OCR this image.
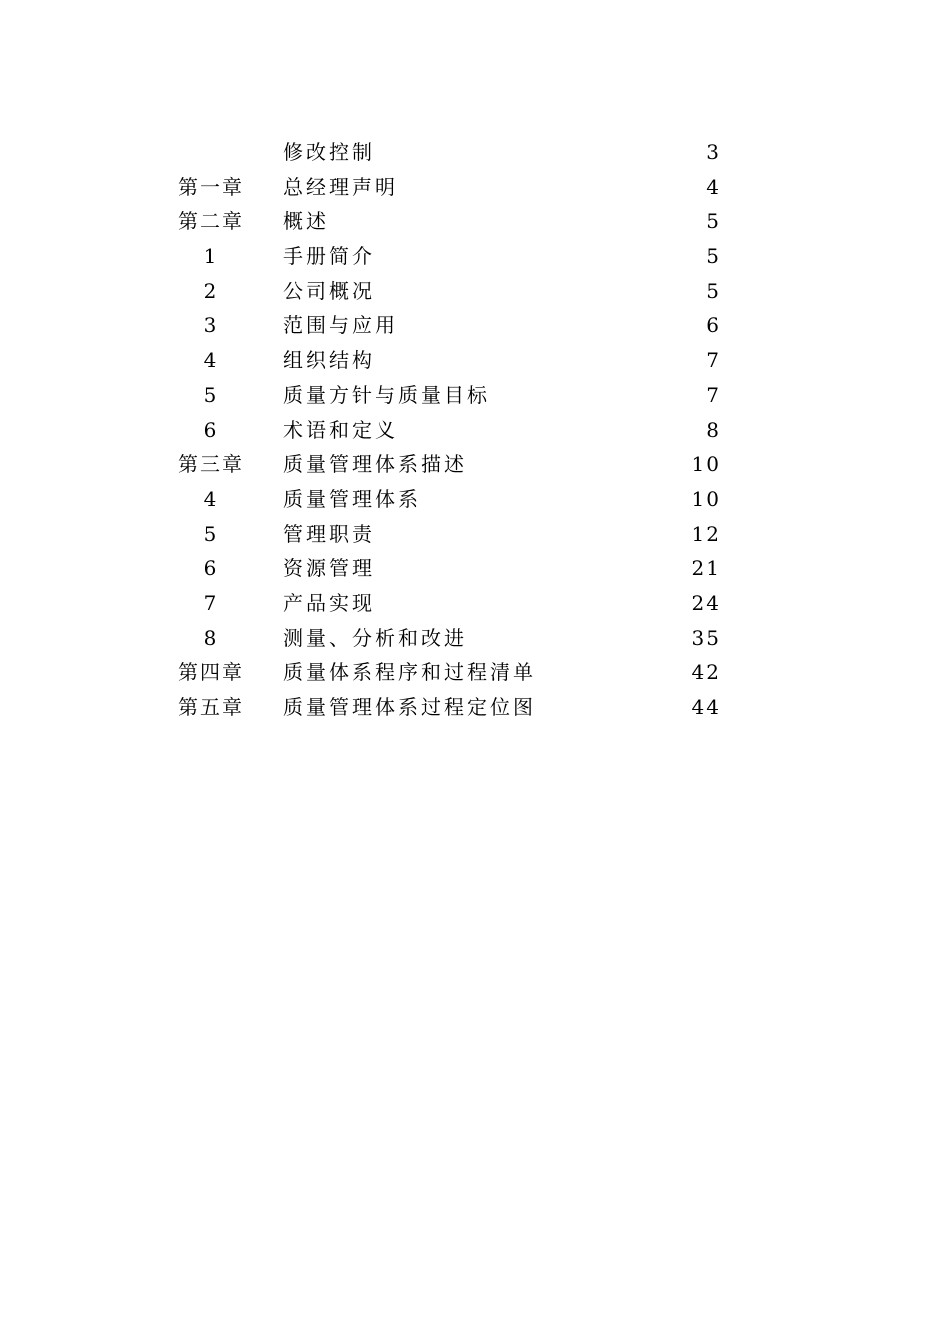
修改控制	3
第一章 总经理声明	4
第二章 概述	5
1	手册简介	5
2	公司概况	5
3	范围与应用	6
4	组织结构	7
5	质量方针与质量目标	7
6	术语和定义	8
第三章 质量管理体系描述	10
4	质量管理体系	10
5	管理职责	12
6	资源管理	21
7	产品实现	24
8	测量、分析和改进	35
第四章 质量体系程序和过程清单	42
第五章 质量管理体系过程定位图	44
